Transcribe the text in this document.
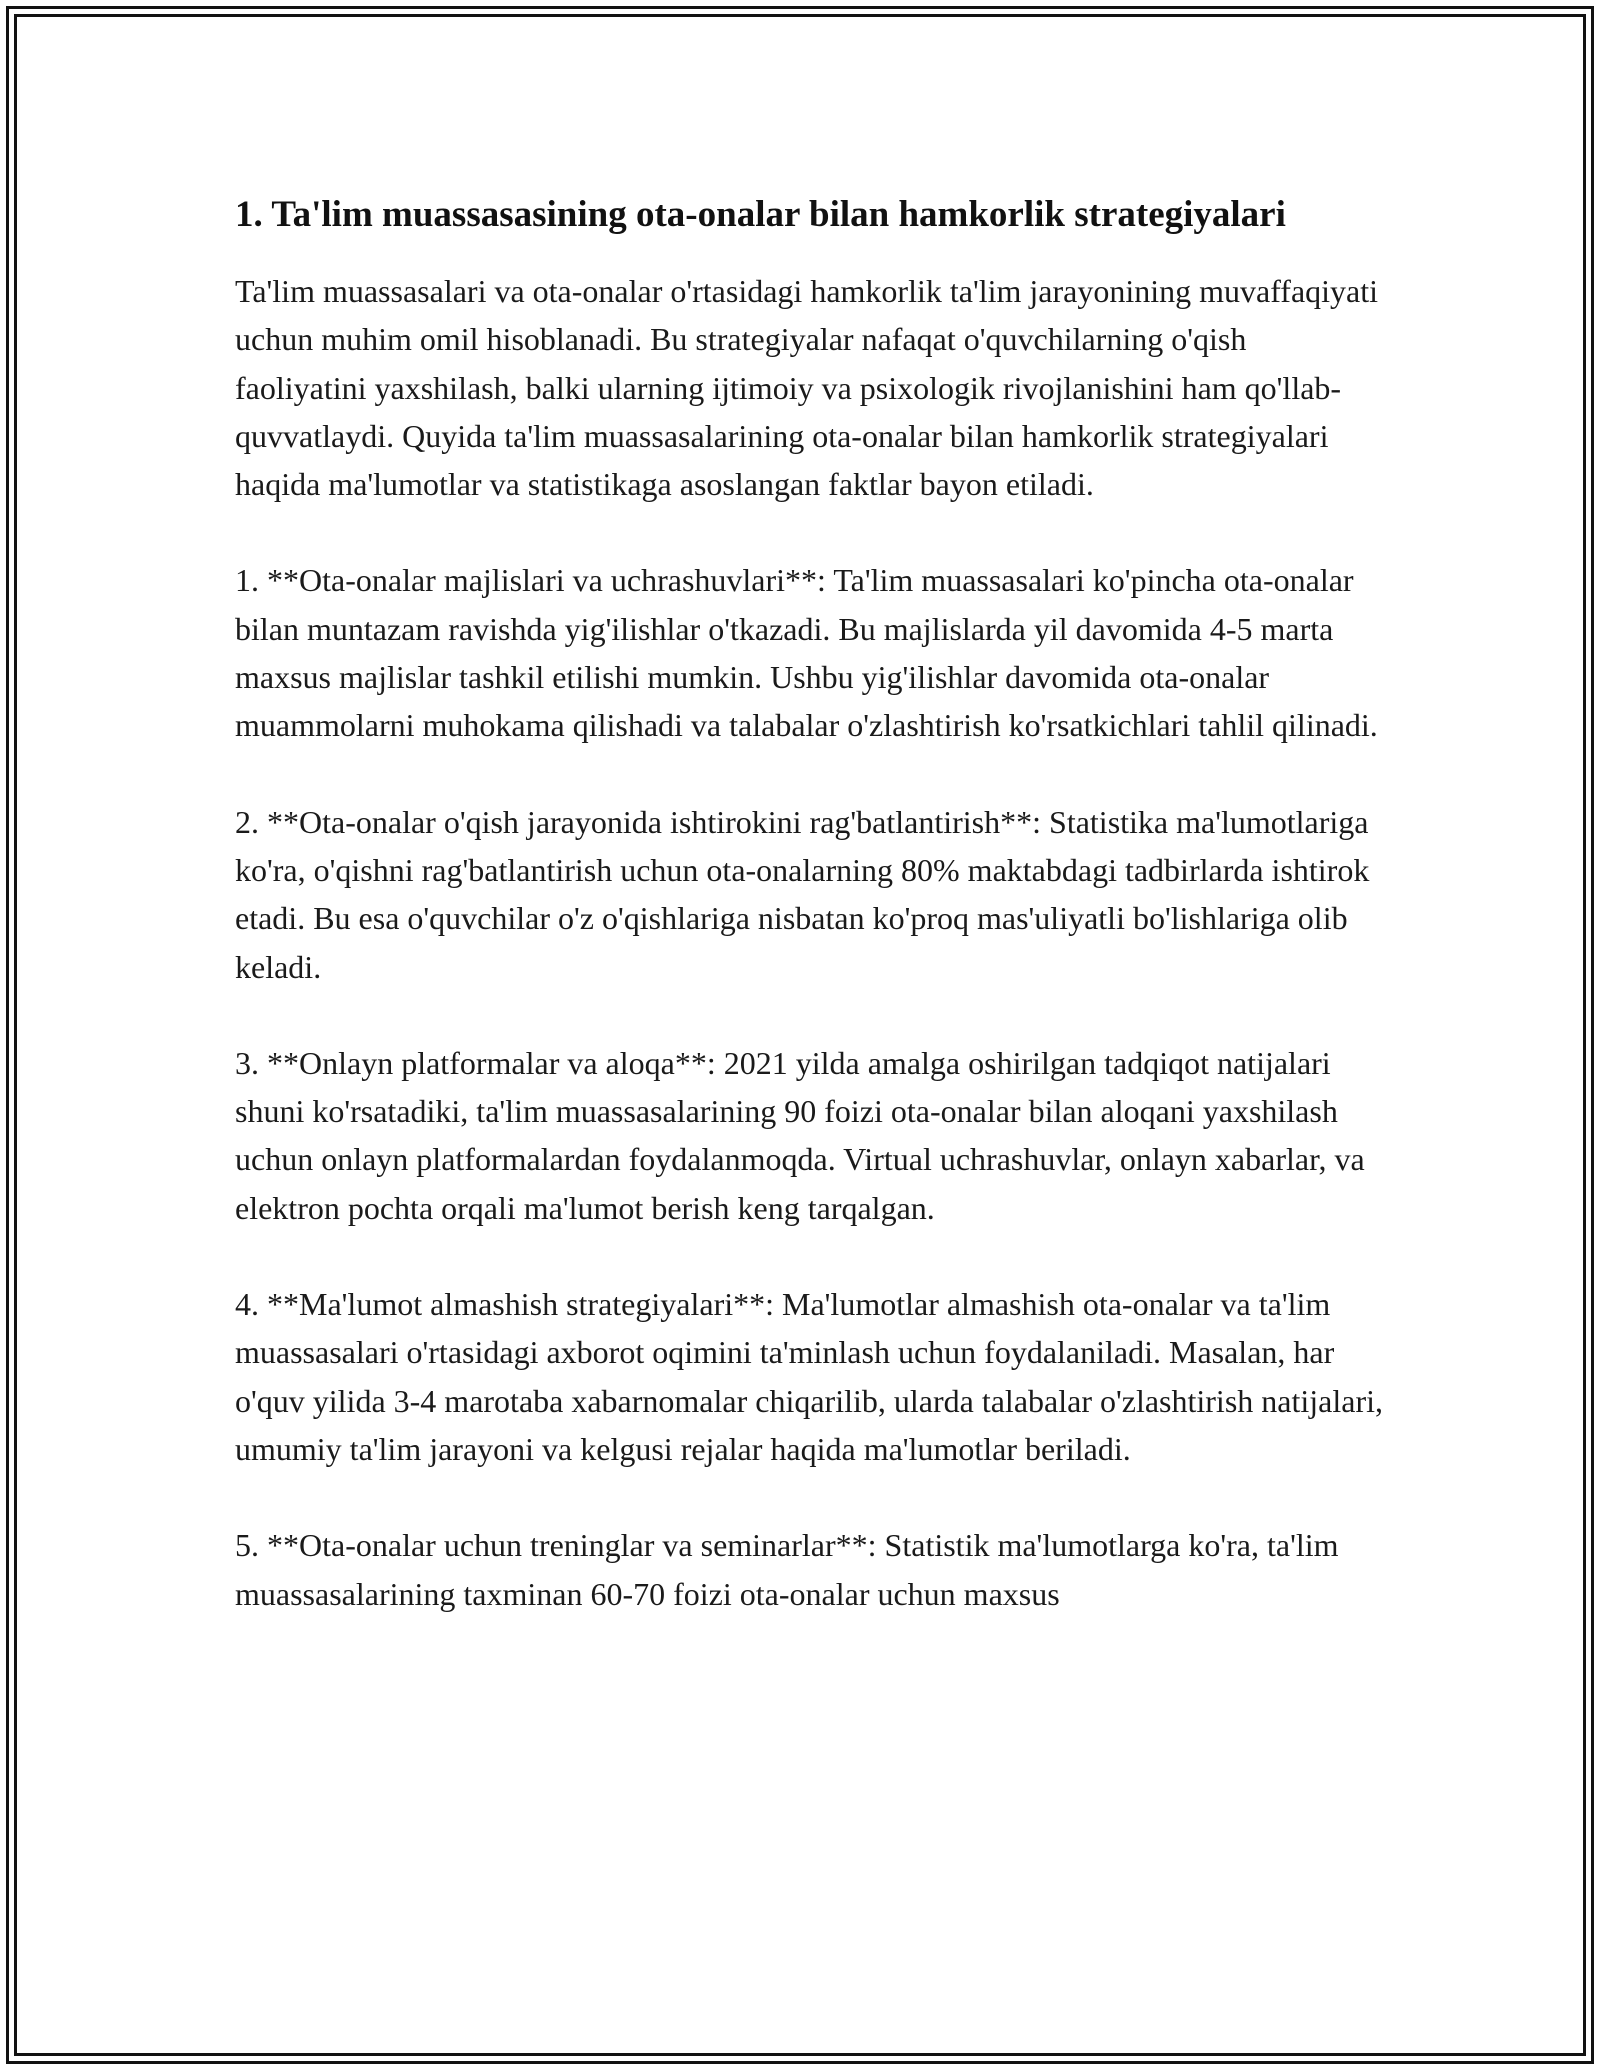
1. Ta'lim muassasasining ota-onalar bilan hamkorlik strategiyalari

Ta'lim muassasalari va ota-onalar o'rtasidagi hamkorlik ta'lim jarayonining muvaffaqiyati uchun muhim omil hisoblanadi. Bu strategiyalar nafaqat o'quvchilarning o'qish faoliyatini yaxshilash, balki ularning ijtimoiy va psixologik rivojlanishini ham qo'llab-quvvatlaydi. Quyida ta'lim muassasalarining ota-onalar bilan hamkorlik strategiyalari haqida ma'lumotlar va statistikaga asoslangan faktlar bayon etiladi.

1. **Ota-onalar majlislari va uchrashuvlari**: Ta'lim muassasalari ko'pincha ota-onalar bilan muntazam ravishda yig'ilishlar o'tkazadi. Bu majlislarda yil davomida 4-5 marta maxsus majlislar tashkil etilishi mumkin. Ushbu yig'ilishlar davomida ota-onalar muammolarni muhokama qilishadi va talabalar o'zlashtirish ko'rsatkichlari tahlil qilinadi.

2. **Ota-onalar o'qish jarayonida ishtirokini rag'batlantirish**: Statistika ma'lumotlariga ko'ra, o'qishni rag'batlantirish uchun ota-onalarning 80% maktabdagi tadbirlarda ishtirok etadi. Bu esa o'quvchilar o'z o'qishlariga nisbatan ko'proq mas'uliyatli bo'lishlariga olib keladi.

3. **Onlayn platformalar va aloqa**: 2021 yilda amalga oshirilgan tadqiqot natijalari shuni ko'rsatadiki, ta'lim muassasalarining 90 foizi ota-onalar bilan aloqani yaxshilash uchun onlayn platformalardan foydalanmoqda. Virtual uchrashuvlar, onlayn xabarlar, va elektron pochta orqali ma'lumot berish keng tarqalgan.

4. **Ma'lumot almashish strategiyalari**: Ma'lumotlar almashish ota-onalar va ta'lim muassasalari o'rtasidagi axborot oqimini ta'minlash uchun foydalaniladi. Masalan, har o'quv yilida 3-4 marotaba xabarnomalar chiqarilib, ularda talabalar o'zlashtirish natijalari, umumiy ta'lim jarayoni va kelgusi rejalar haqida ma'lumotlar beriladi.

5. **Ota-onalar uchun treninglar va seminarlar**: Statistik ma'lumotlarga ko'ra, ta'lim muassasalarining taxminan 60-70 foizi ota-onalar uchun maxsus
